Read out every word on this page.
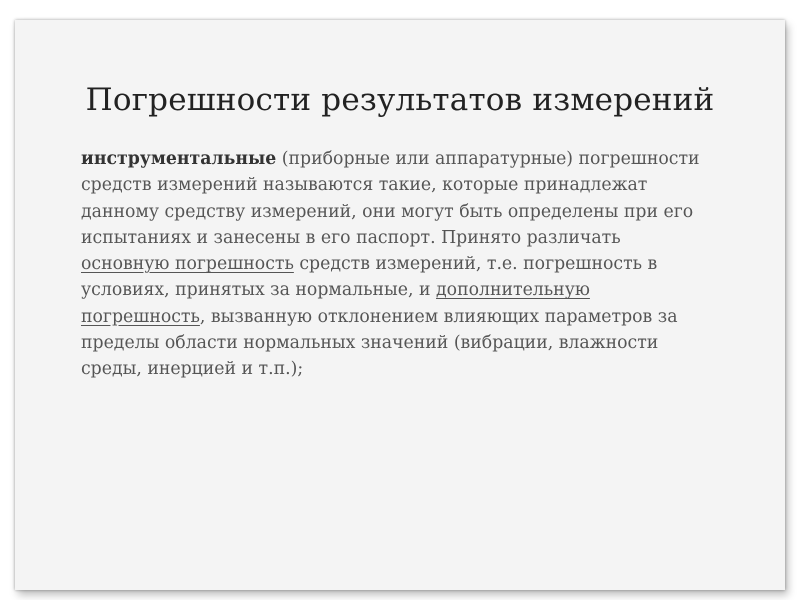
Погрешности результатов измерений

инструментальные (приборные или аппаратурные) погрешности
средств измерений называются такие, которые принадлежат
данному средству измерений, они могут быть определены при его
испытаниях и занесены в его паспорт. Принято различать
основную погрешность средств измерений, т.е. погрешность в
условиях, принятых за нормальные, и дополнительную
погрешность, вызванную отклонением влияющих параметров за
пределы области нормальных значений (вибрации, влажности
среды, инерцией и т.п.);
